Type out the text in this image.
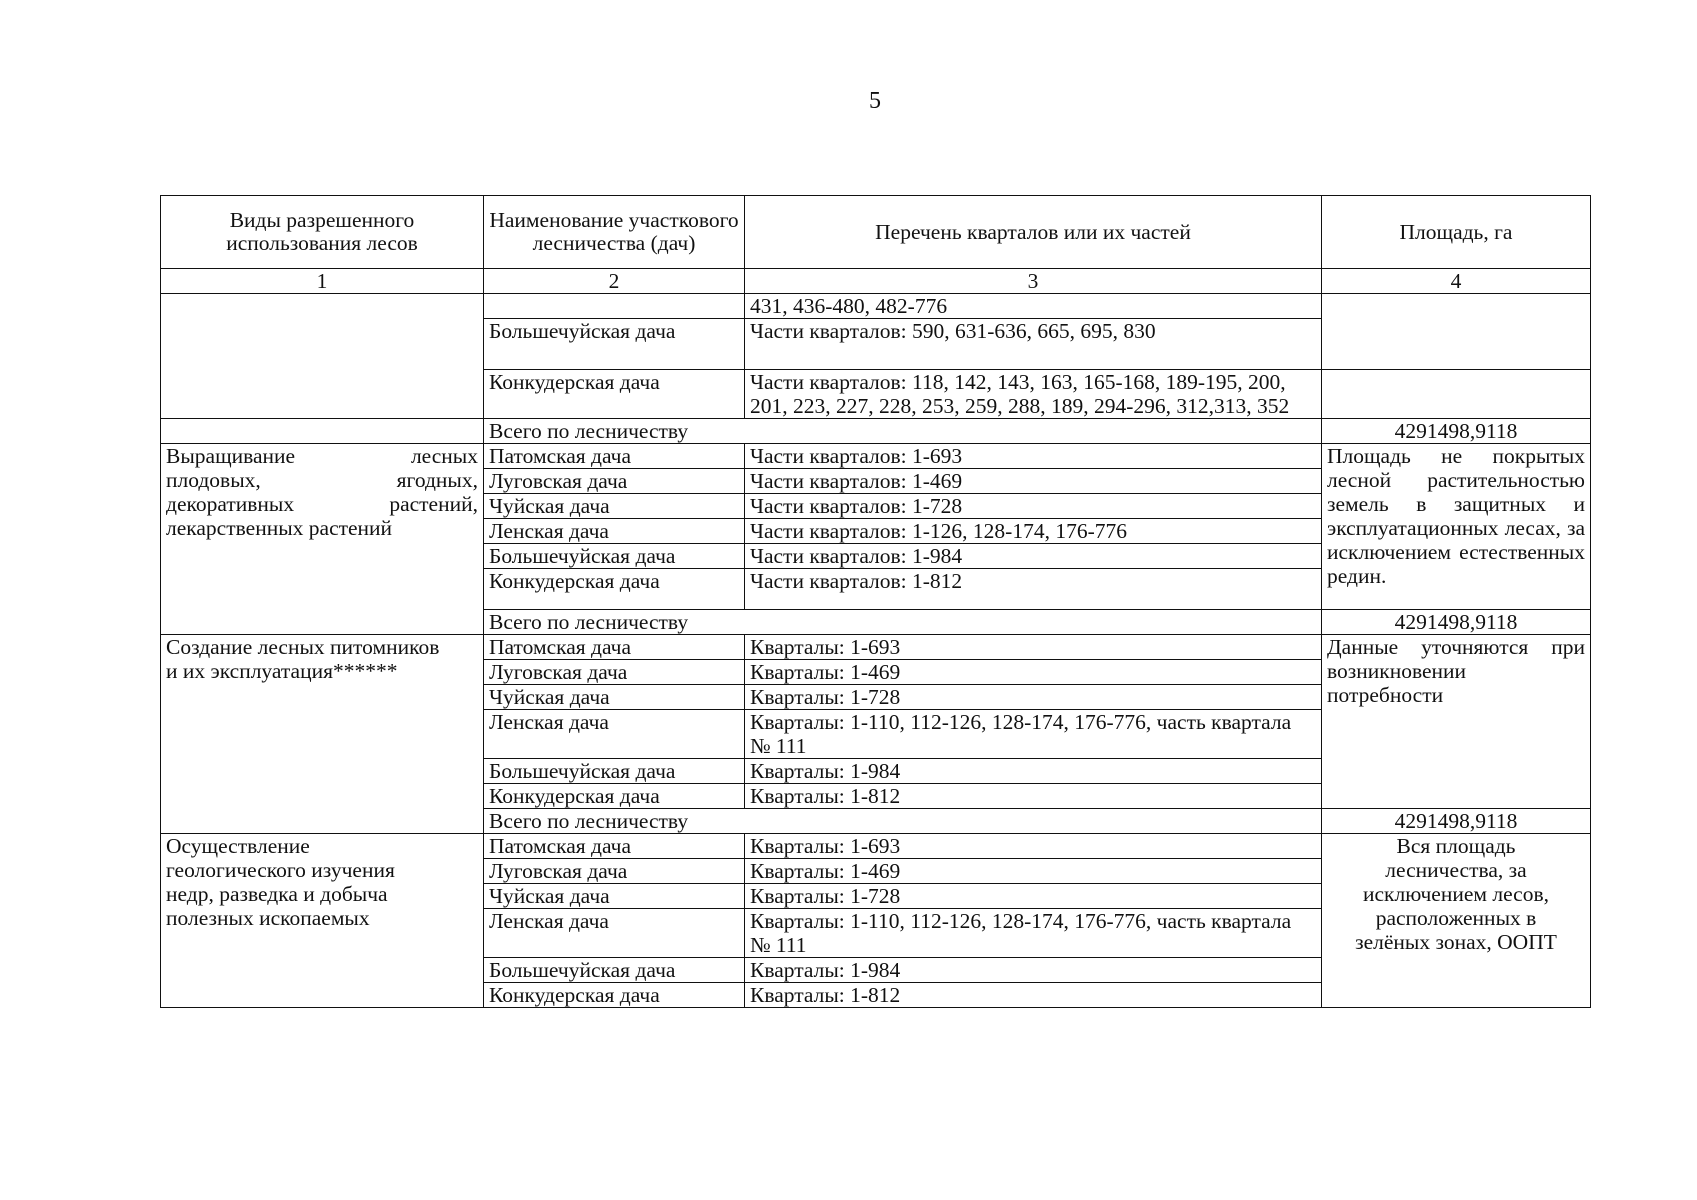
5
Виды разрешенного использования лесов	Наименование участкового лесничества (дач)	Перечень кварталов или их частей	Площадь, га
1	2	3	4
		431, 436-480, 482-776	
	Большечуйская дача	Части кварталов: 590, 631-636, 665, 695, 830	
	Конкудерская дача	Части кварталов: 118, 142, 143, 163, 165-168, 189-195, 200, 201, 223, 227, 228, 253, 259, 288, 189, 294-296, 312,313, 352	
	Всего по лесничеству		4291498,9118

Выращивание лесных
плодовых, ягодных,
декоративных растений,
лекарственных растений	Патомская дача	Части кварталов: 1-693	Площадь не покрытых лесной растительностью земель в защитных и эксплуатационных лесах, за исключением естественных редин.
	Луговская дача	Части кварталов: 1-469	
	Чуйская дача	Части кварталов: 1-728	
	Ленская дача	Части кварталов: 1-126, 128-174, 176-776	
	Большечуйская дача	Части кварталов: 1-984	
	Конкудерская дача	Части кварталов: 1-812	
	Всего по лесничеству		4291498,9118

Создание лесных питомников
и их эксплуатация******	Патомская дача	Кварталы: 1-693	Данные уточняются при возникновении потребности
	Луговская дача	Кварталы: 1-469	
	Чуйская дача	Кварталы: 1-728	
	Ленская дача	Кварталы: 1-110, 112-126, 128-174, 176-776, часть квартала № 111	
	Большечуйская дача	Кварталы: 1-984	
	Конкудерская дача	Кварталы: 1-812	
	Всего по лесничеству		4291498,9118

Осуществление
геологического изучения
недр, разведка и добыча
полезных ископаемых	Патомская дача	Кварталы: 1-693	Вся площадь
лесничества, за
исключением лесов,
расположенных в
зелёных зонах, ООПТ

	Луговская дача	Кварталы: 1-469	
	Чуйская дача	Кварталы: 1-728	
	Ленская дача	Кварталы: 1-110, 112-126, 128-174, 176-776, часть квартала № 111	
	Большечуйская дача	Кварталы: 1-984	
	Конкудерская дача	Кварталы: 1-812	
